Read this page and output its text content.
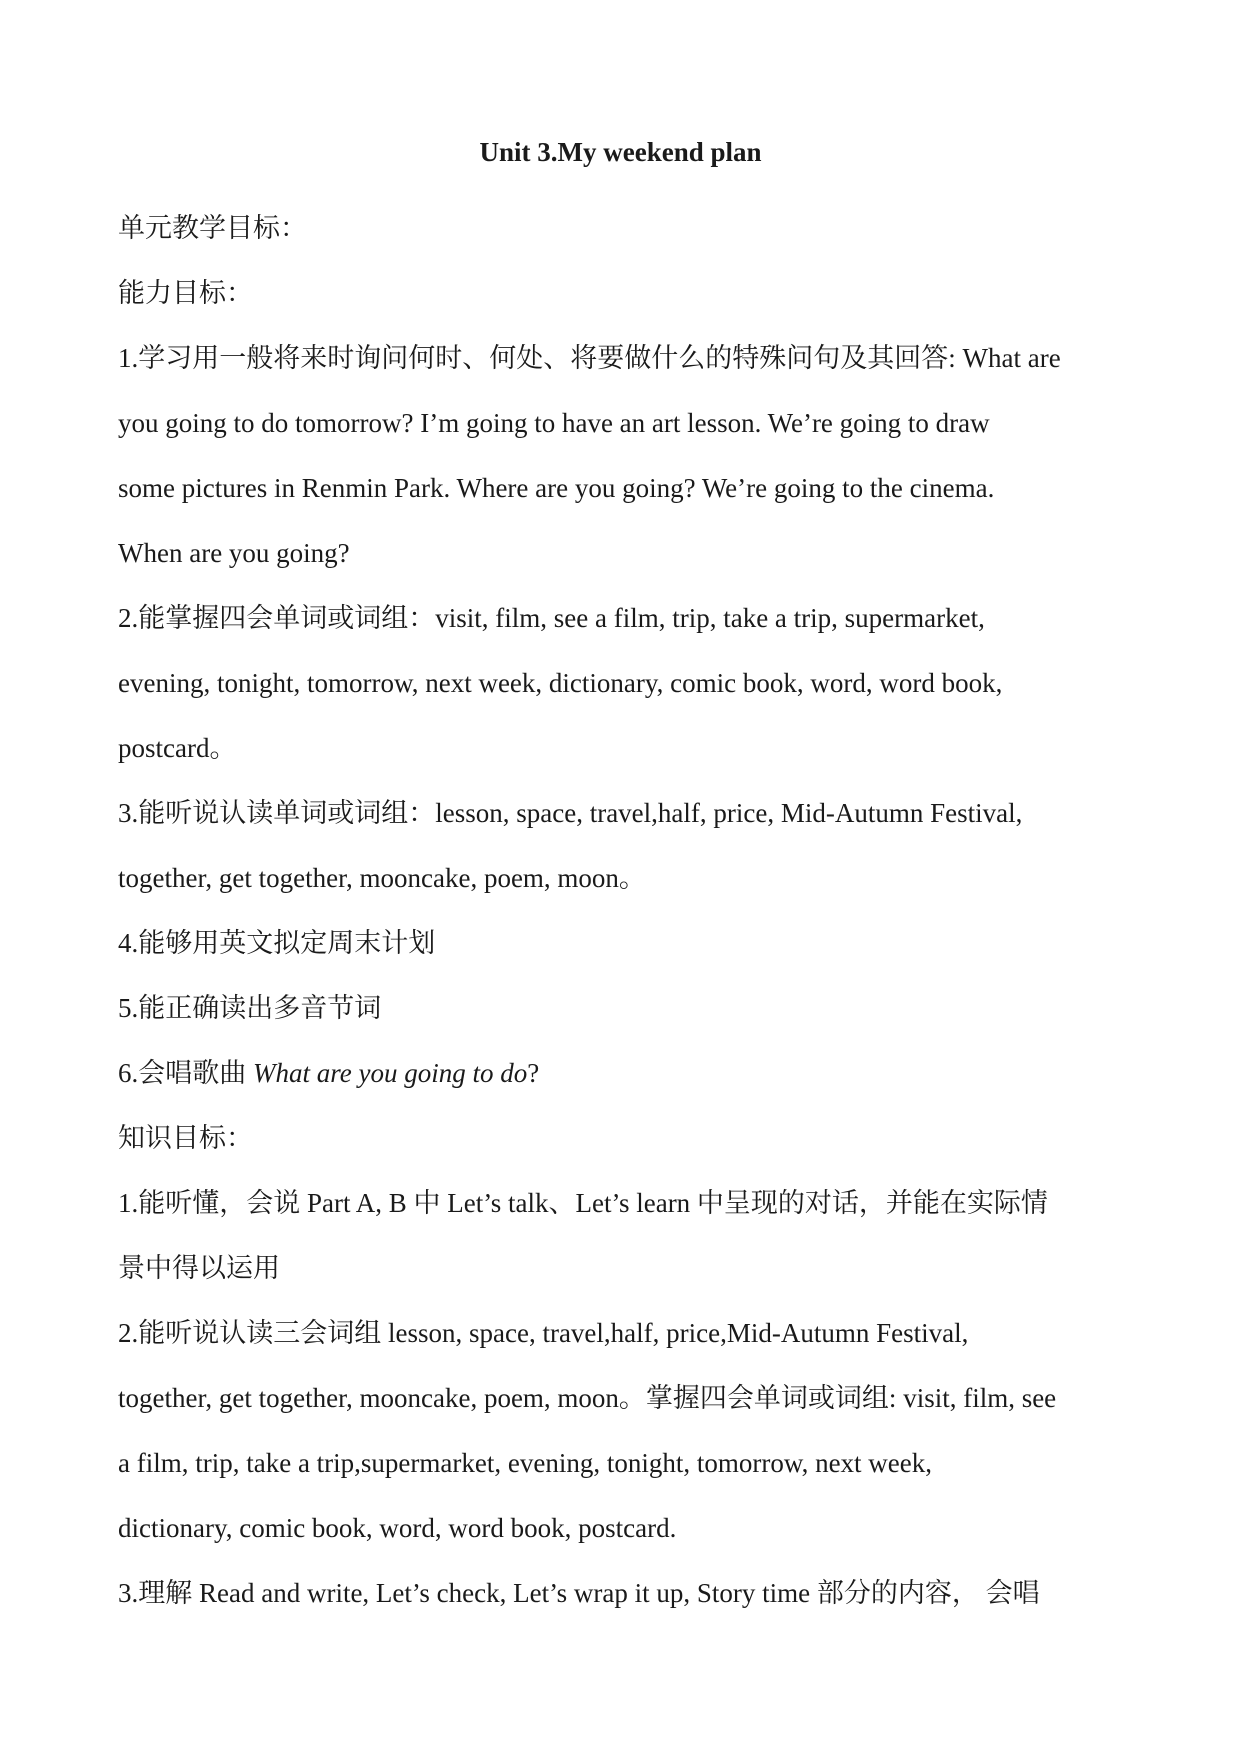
Unit 3.My weekend plan
单元教学目标：
能力目标：
1.学习用一般将来时询问何时、何处、将要做什么的特殊问句及其回答: What are
you going to do tomorrow? I’m going to have an art lesson. We’re going to draw
some pictures in Renmin Park. Where are you going? We’re going to the cinema.
When are you going?
2.能掌握四会单词或词组：visit, film, see a film, trip, take a trip, supermarket,
evening, tonight, tomorrow, next week, dictionary, comic book, word, word book,
postcard。
3.能听说认读单词或词组：lesson, space, travel,half, price, Mid-Autumn Festival,
together, get together, mooncake, poem, moon。
4.能够用英文拟定周末计划
5.能正确读出多音节词
6.会唱歌曲 What are you going to do?
知识目标：
1.能听懂，会说 Part A, B 中 Let’s talk、Let’s learn 中呈现的对话，并能在实际情
景中得以运用
2.能听说认读三会词组 lesson, space, travel,half, price,Mid-Autumn Festival,
together, get together, mooncake, poem, moon。掌握四会单词或词组: visit, film, see
a film, trip, take a trip,supermarket, evening, tonight, tomorrow, next week,
dictionary, comic book, word, word book, postcard.
3.理解 Read and write, Let’s check, Let’s wrap it up, Story time 部分的内容， 会唱
